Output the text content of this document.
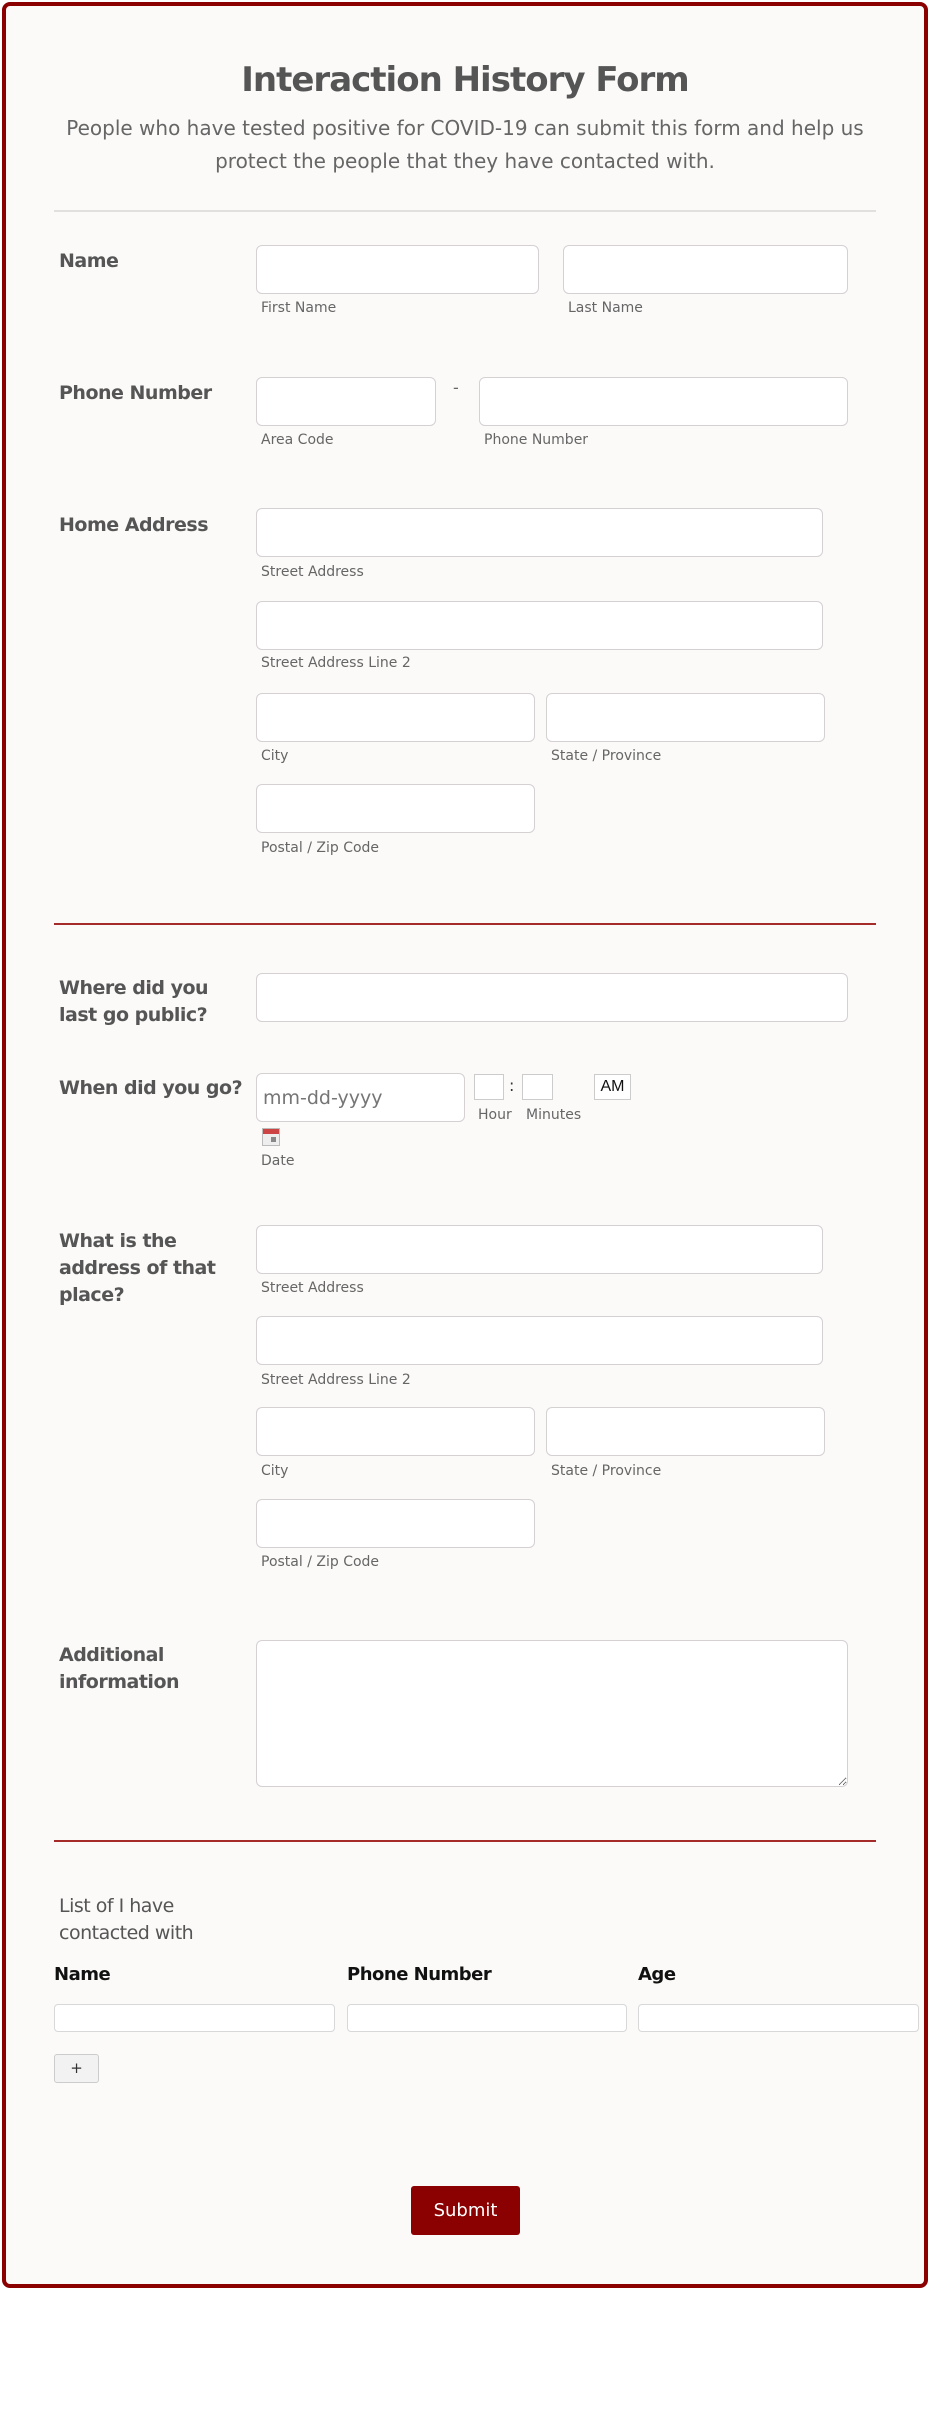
Interaction History Form
People who have tested positive for COVID-19 can submit this form and help us protect the people that they have contacted with.
Name
First Name	Last Name
Phone Number	-
Area Code	Phone Number
Home Address
Street Address
Street Address Line 2
City	State / Province
Postal / Zip Code
Where did you last go public?
When did you go?
mm-dd-yyyy
Date
:	AM
Hour Minutes
What is the address of that place?	Street Address
Street Address Line 2
City	State / Province
Postal / Zip Code
Additional information
List of I have contacted with
Name	Phone Number	Age
+
Submit
